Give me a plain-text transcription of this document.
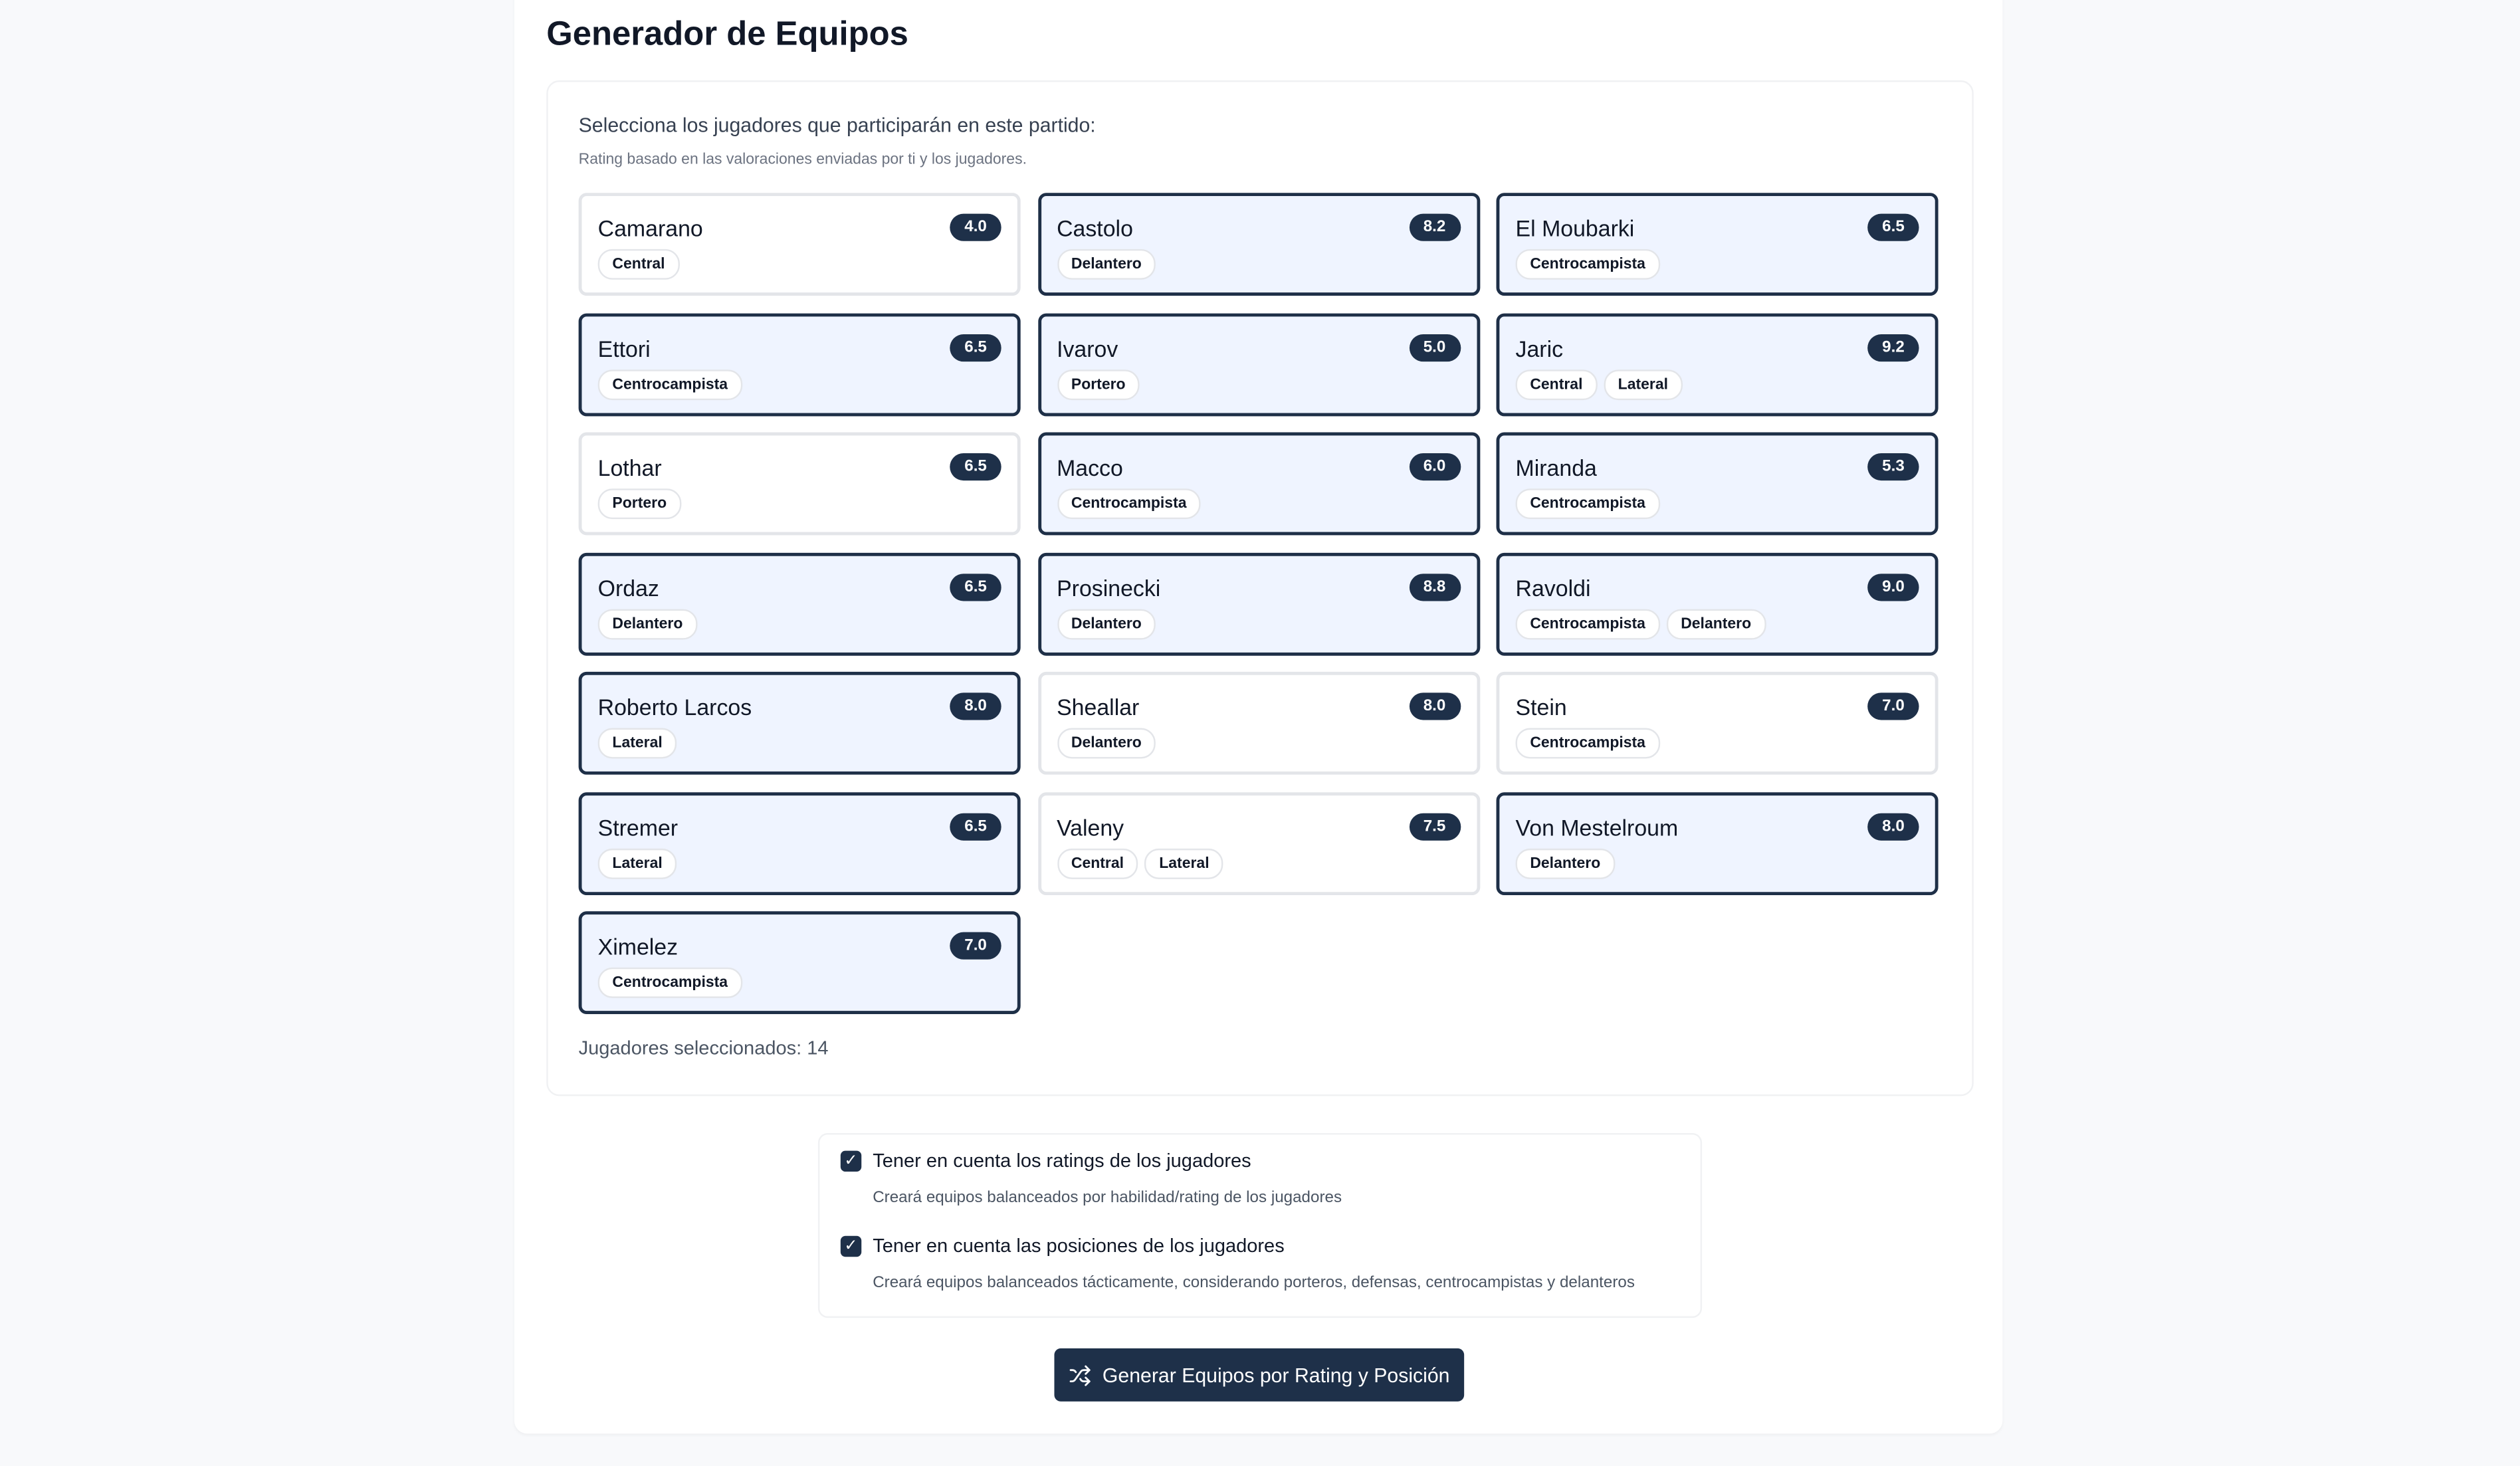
Generador de Equipos
Selecciona los jugadores que participarán en este partido:
Rating basado en las valoraciones enviadas por ti y los jugadores.
Camarano	4.0
Central
Castolo	8.2
Delantero
El Moubarki	6.5
Centrocampista
Ettori	6.5
Centrocampista
Ivarov	5.0
Portero
Jaric	9.2
Central	Lateral
Lothar	6.5
Portero
Macco	6.0
Centrocampista
Miranda	5.3
Centrocampista
Ordaz	6.5
Delantero
Prosinecki	8.8
Delantero
Ravoldi	9.0
Centrocampista	Delantero
Roberto Larcos	8.0
Lateral
Sheallar	8.0
Delantero
Stein	7.0
Centrocampista
Stremer	6.5
Lateral
Valeny	7.5
Central	Lateral
Von Mestelroum	8.0
Delantero
Ximelez	7.0
Centrocampista
Jugadores seleccionados: 14
✓	Tener en cuenta los ratings de los jugadores
Creará equipos balanceados por habilidad/rating de los jugadores
✓	Tener en cuenta las posiciones de los jugadores
Creará equipos balanceados tácticamente, considerando porteros, defensas, centrocampistas y delanteros
Generar Equipos por Rating y Posición
